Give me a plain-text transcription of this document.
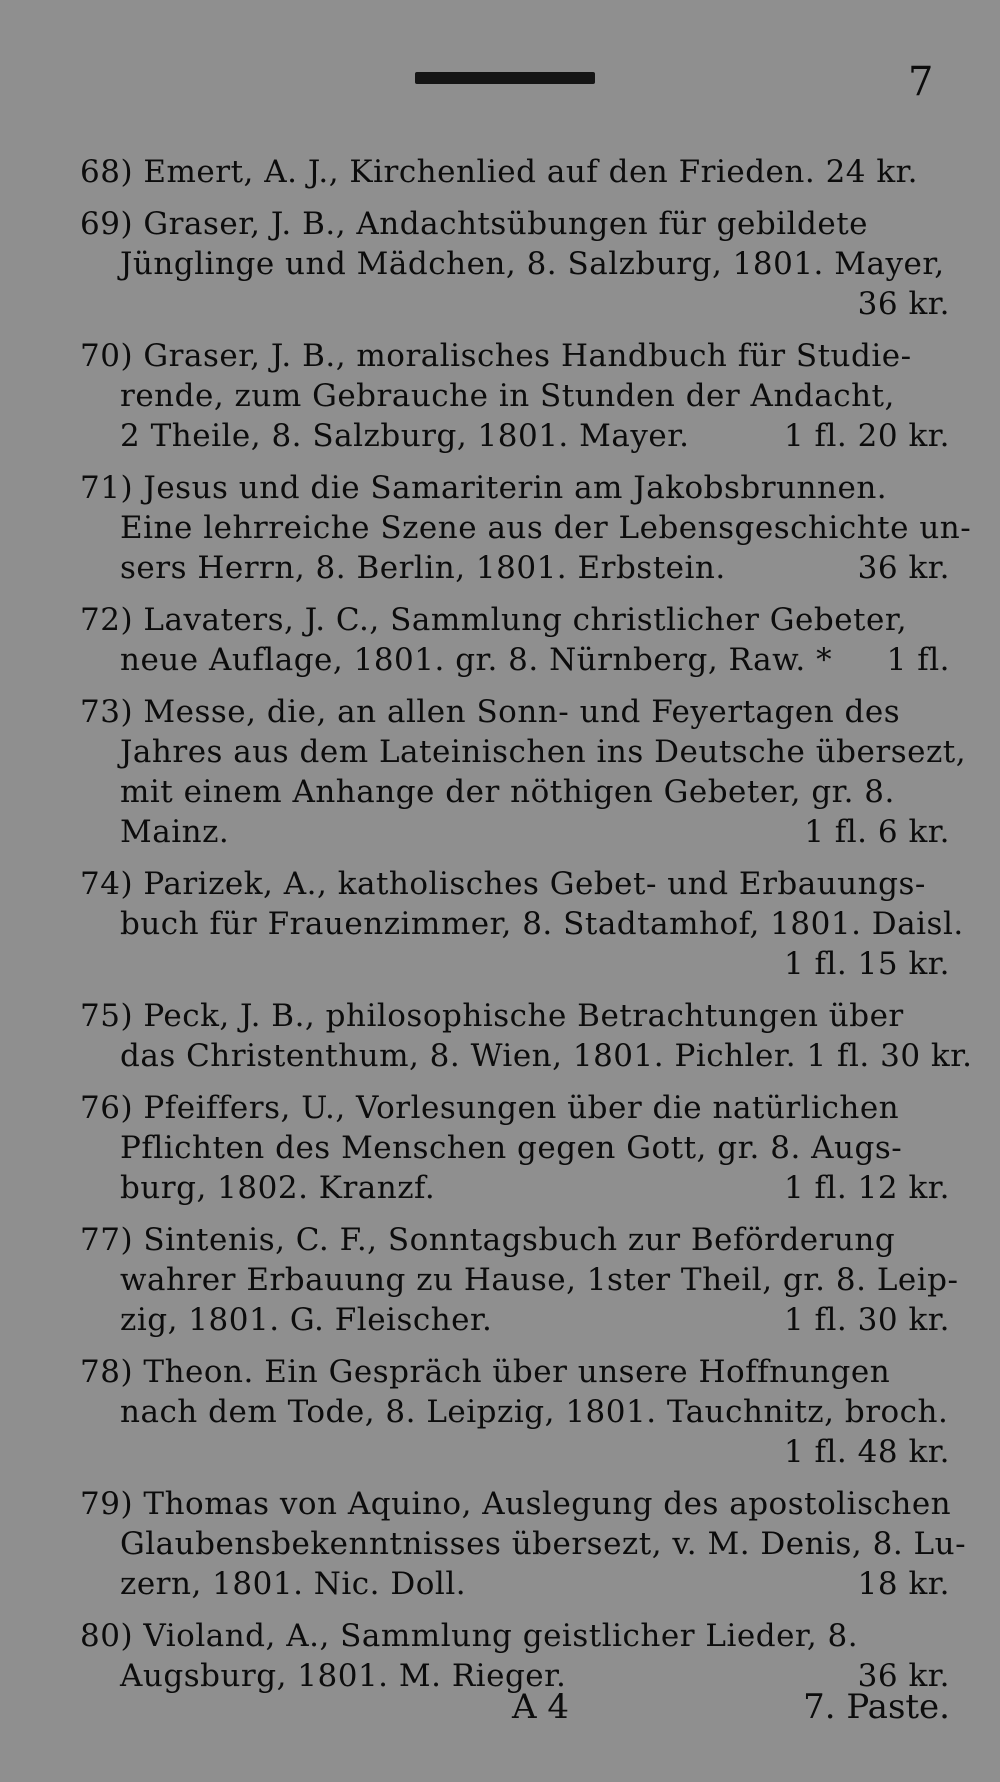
7
68) Emert, A. J., Kirchenlied auf den Frieden. 24 kr.
69) Graser, J. B., Andachtsübungen für gebildete
Jünglinge und Mädchen, 8. Salzburg, 1801. Mayer,
36 kr.
70) Graser, J. B., moralisches Handbuch für Studie-
rende, zum Gebrauche in Stunden der Andacht,
2 Theile, 8. Salzburg, 1801. Mayer.	1 fl. 20 kr.
71) Jesus und die Samariterin am Jakobsbrunnen.
Eine lehrreiche Szene aus der Lebensgeschichte un-
sers Herrn, 8. Berlin, 1801. Erbstein.	36 kr.
72) Lavaters, J. C., Sammlung christlicher Gebeter,
neue Auflage, 1801. gr. 8. Nürnberg, Raw. * 1 fl.
73) Messe, die, an allen Sonn- und Feyertagen des
Jahres aus dem Lateinischen ins Deutsche übersezt,
mit einem Anhange der nöthigen Gebeter, gr. 8.
Mainz.	1 fl. 6 kr.
74) Parizek, A., katholisches Gebet- und Erbauungs-
buch für Frauenzimmer, 8. Stadtamhof, 1801. Daisl.
1 fl. 15 kr.
75) Peck, J. B., philosophische Betrachtungen über
das Christenthum, 8. Wien, 1801. Pichler. 1 fl. 30 kr.
76) Pfeiffers, U., Vorlesungen über die natürlichen
Pflichten des Menschen gegen Gott, gr. 8. Augs-
burg, 1802. Kranzf.	1 fl. 12 kr.
77) Sintenis, C. F., Sonntagsbuch zur Beförderung
wahrer Erbauung zu Hause, 1ster Theil, gr. 8. Leip-
zig, 1801. G. Fleischer.	1 fl. 30 kr.
78) Theon. Ein Gespräch über unsere Hoffnungen
nach dem Tode, 8. Leipzig, 1801. Tauchnitz, broch.
1 fl. 48 kr.
79) Thomas von Aquino, Auslegung des apostolischen
Glaubensbekenntnisses übersezt, v. M. Denis, 8. Lu-
zern, 1801. Nic. Doll.	18 kr.
80) Violand, A., Sammlung geistlicher Lieder, 8.
Augsburg, 1801. M. Rieger.	36 kr.
A 4	7. Paste.
